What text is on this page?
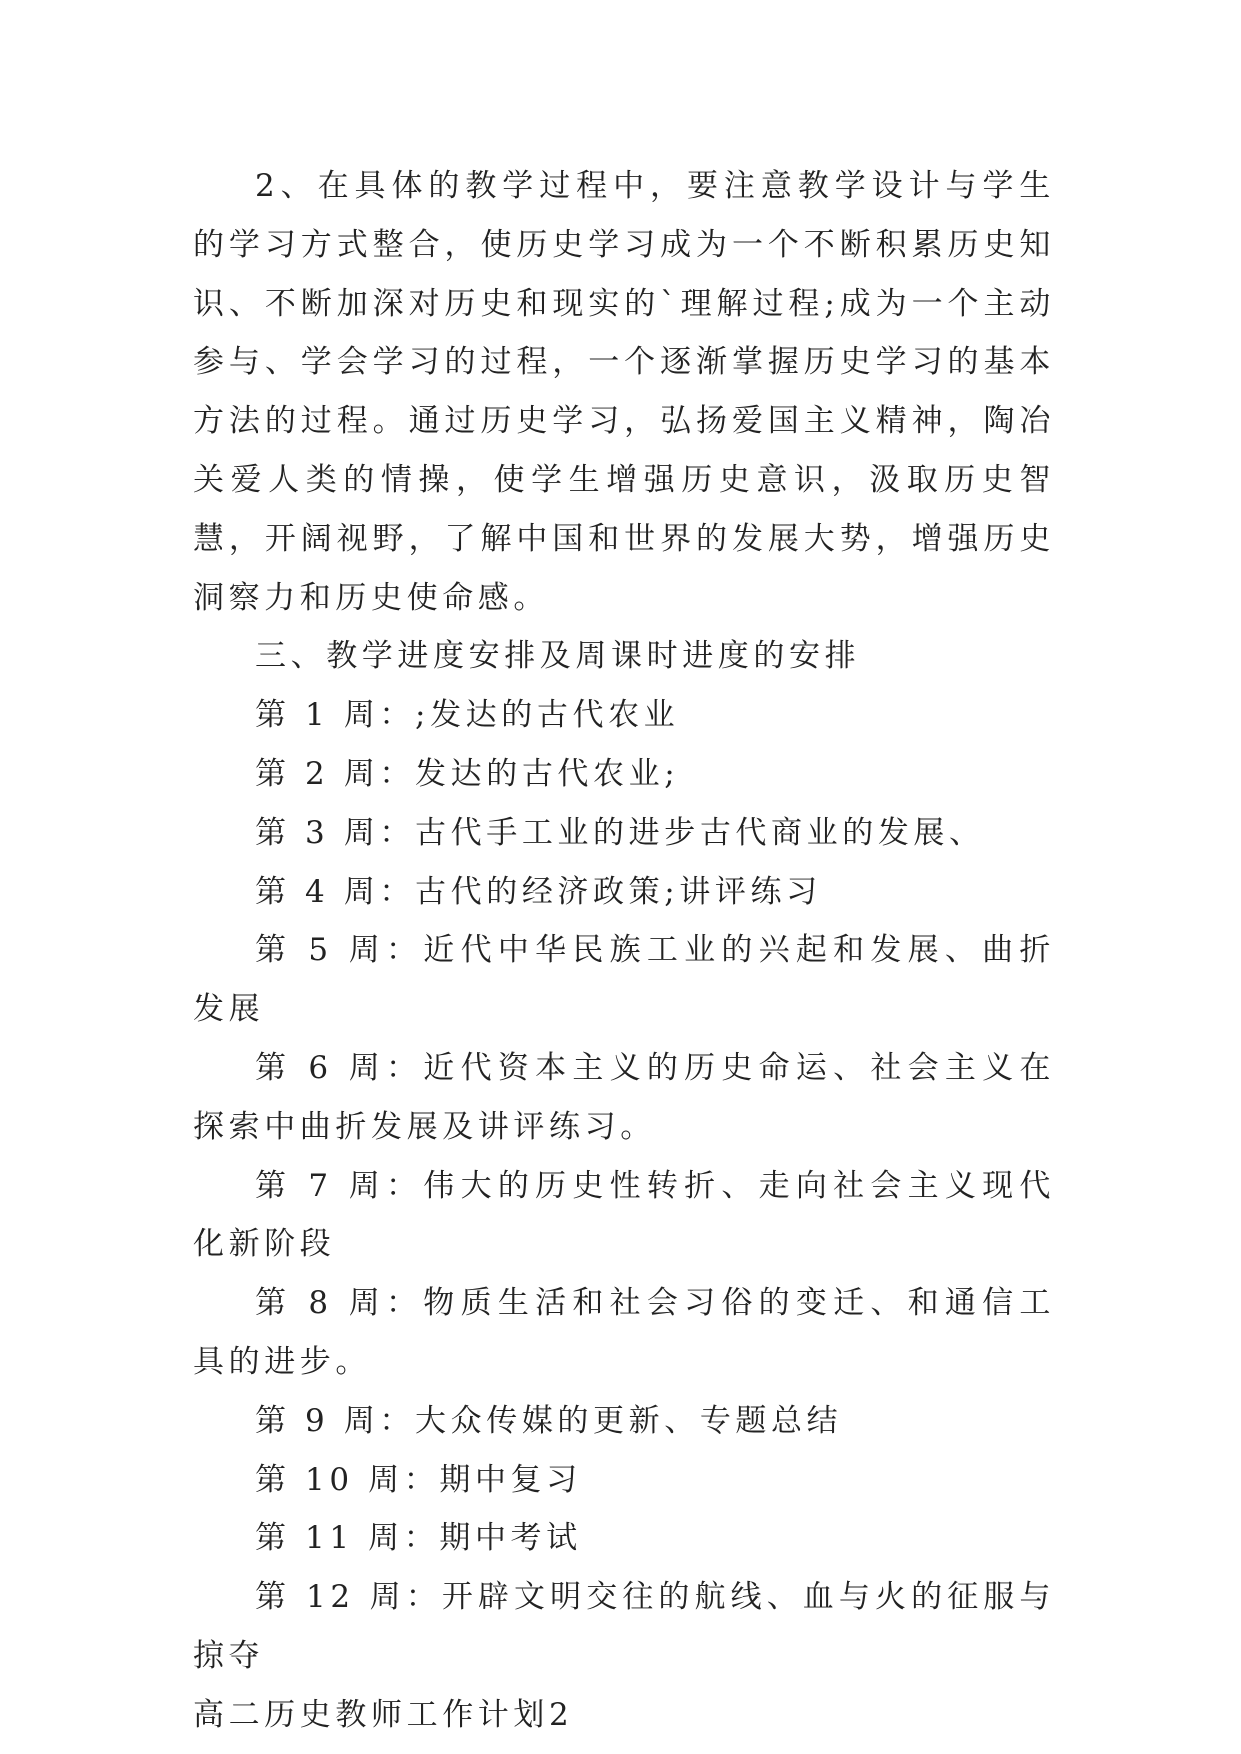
2、在具体的教学过程中，要注意教学设计与学生的学习方式整合，使历史学习成为一个不断积累历史知识、不断加深对历史和现实的`理解过程;成为一个主动参与、学会学习的过程，一个逐渐掌握历史学习的基本方法的过程。通过历史学习，弘扬爱国主义精神，陶冶关爱人类的情操，使学生增强历史意识，汲取历史智慧，开阔视野，了解中国和世界的发展大势，增强历史洞察力和历史使命感。

三、教学进度安排及周课时进度的安排

第 1 周：;发达的古代农业

第 2 周：发达的古代农业;

第 3 周：古代手工业的进步古代商业的发展、

第 4 周：古代的经济政策;讲评练习

第 5 周：近代中华民族工业的兴起和发展、曲折发展

第 6 周：近代资本主义的历史命运、社会主义在探索中曲折发展及讲评练习。

第 7 周：伟大的历史性转折、走向社会主义现代化新阶段

第 8 周：物质生活和社会习俗的变迁、和通信工具的进步。

第 9 周：大众传媒的更新、专题总结

第 10 周：期中复习

第 11 周：期中考试

第 12 周：开辟文明交往的航线、血与火的征服与掠夺

高二历史教师工作计划2
